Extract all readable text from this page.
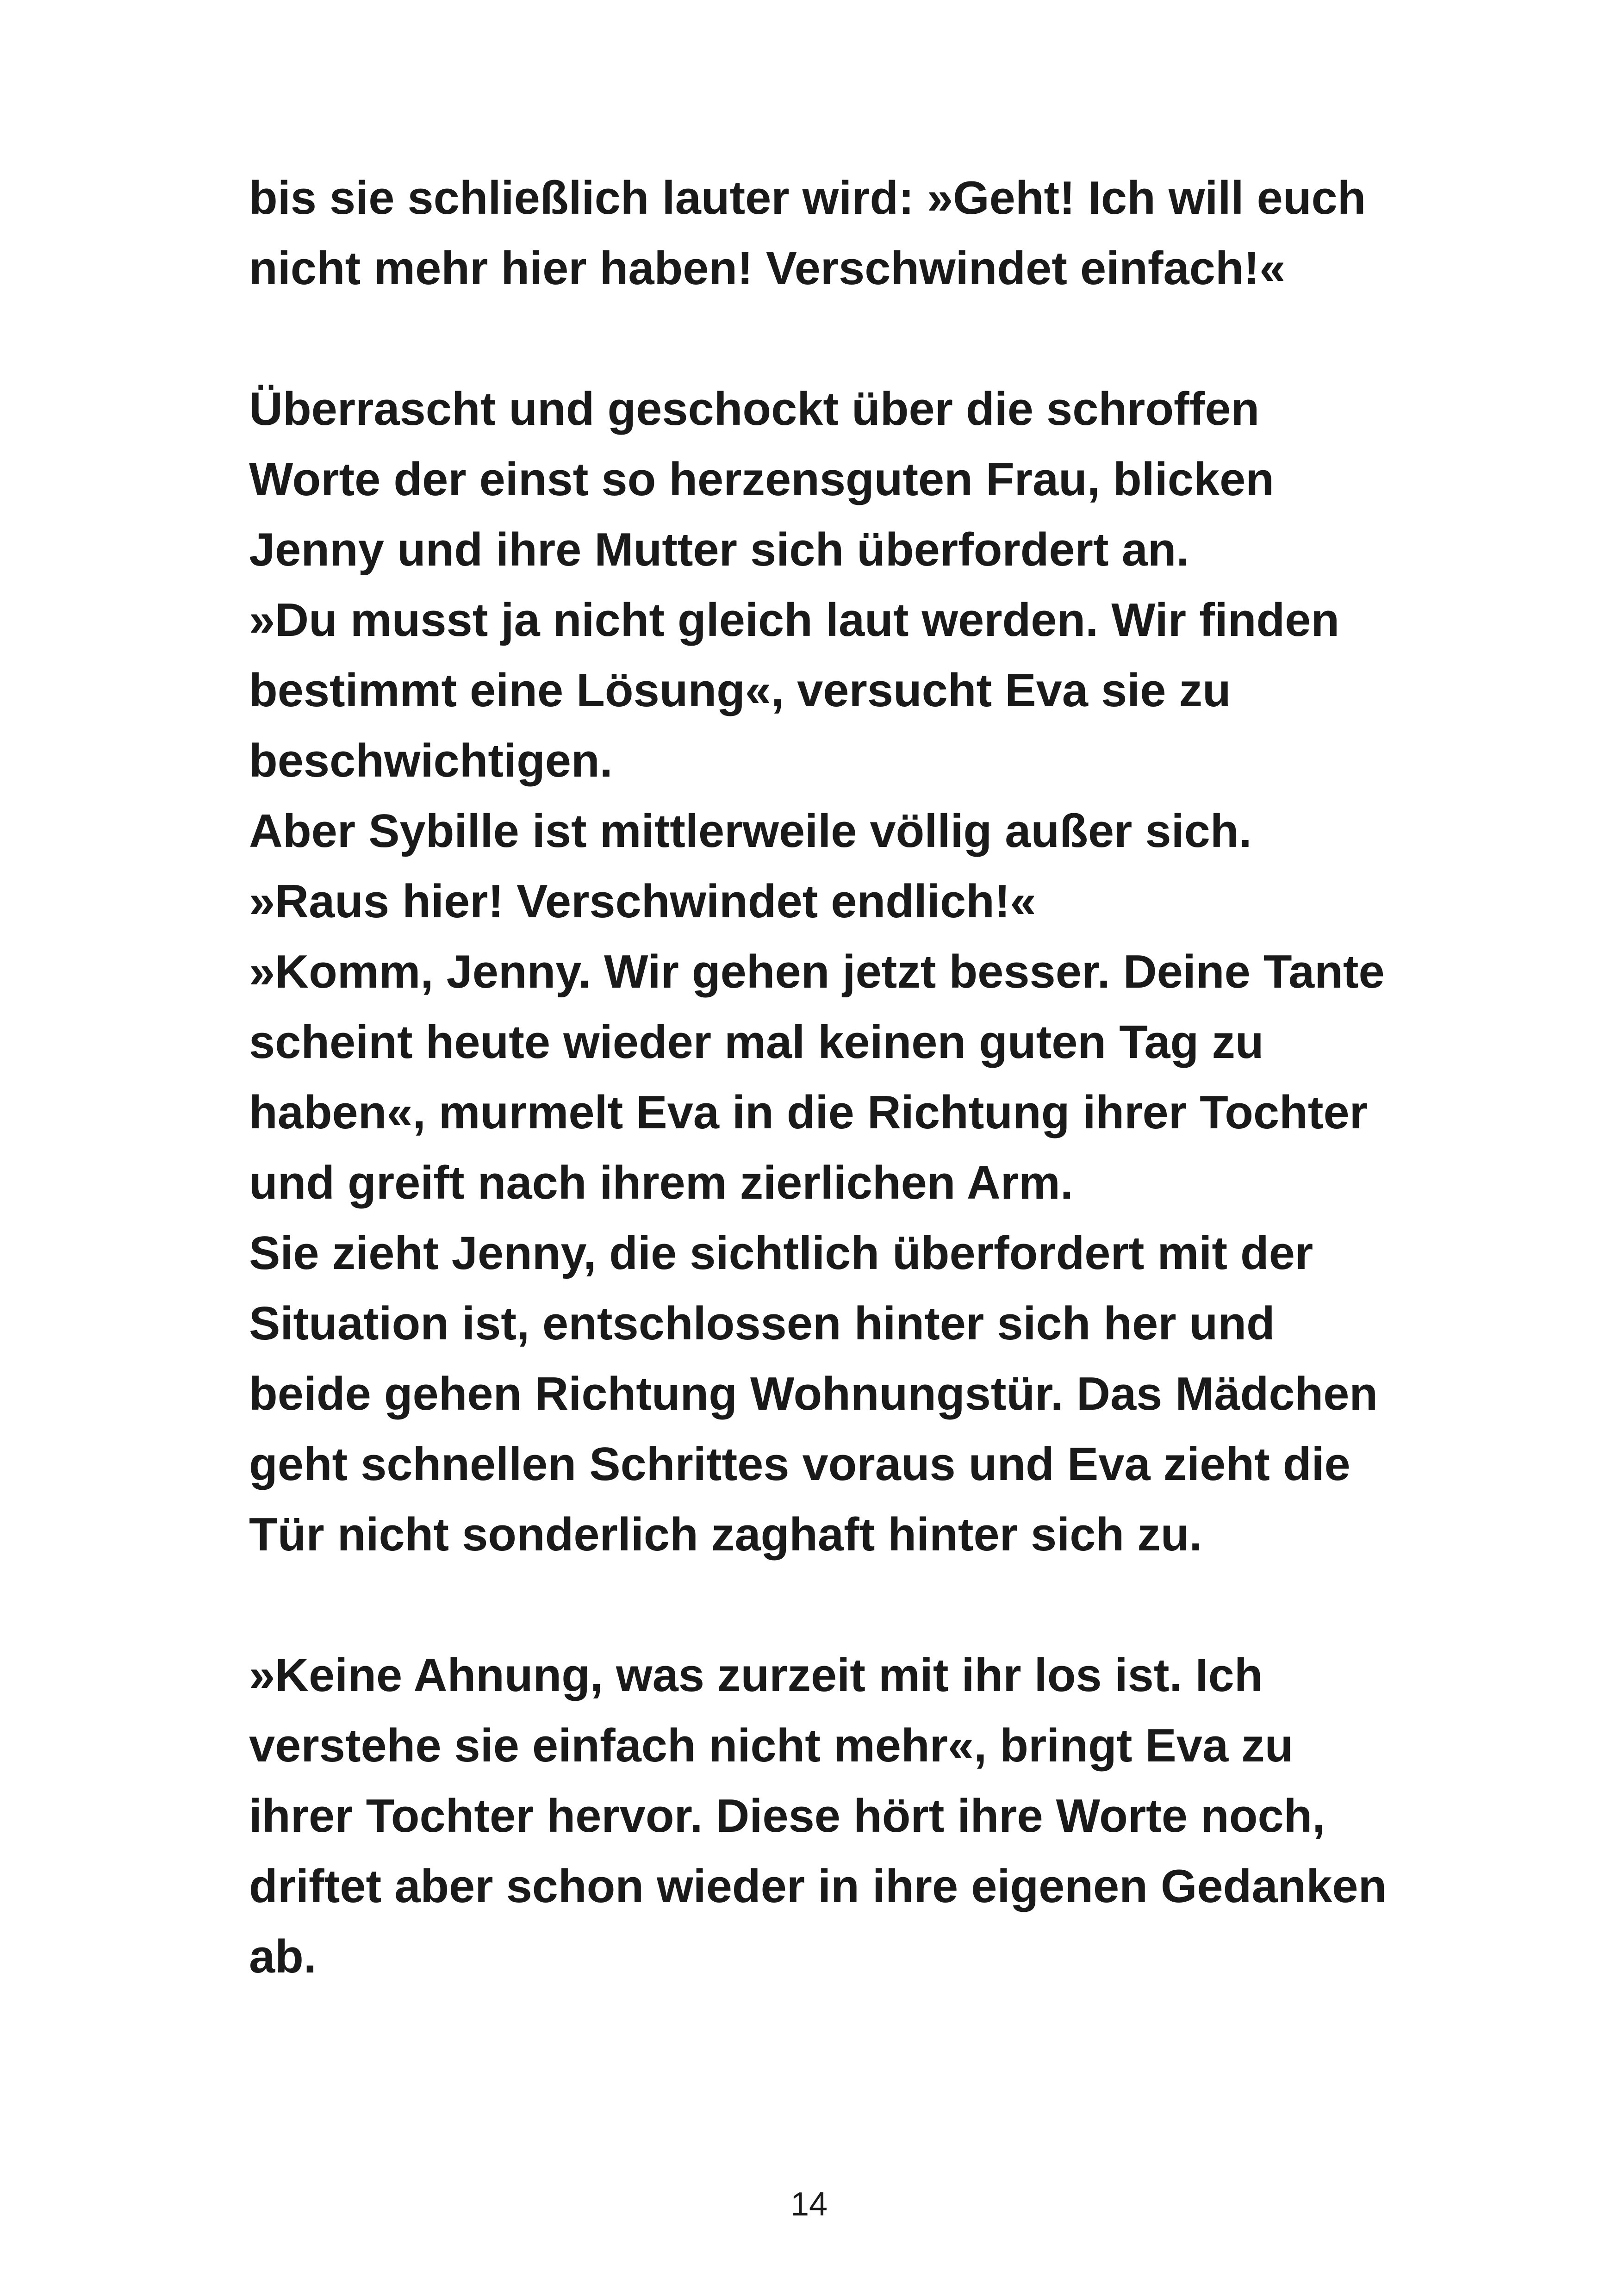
bis sie schließlich lauter wird: »Geht! Ich will euch
nicht mehr hier haben! Verschwindet einfach!«
Überrascht und geschockt über die schroffen
Worte der einst so herzensguten Frau, blicken
Jenny und ihre Mutter sich überfordert an.
»Du musst ja nicht gleich laut werden. Wir finden
bestimmt eine Lösung«, versucht Eva sie zu
beschwichtigen.
Aber Sybille ist mittlerweile völlig außer sich.
»Raus hier! Verschwindet endlich!«
»Komm, Jenny. Wir gehen jetzt besser. Deine Tante
scheint heute wieder mal keinen guten Tag zu
haben«, murmelt Eva in die Richtung ihrer Tochter
und greift nach ihrem zierlichen Arm.
Sie zieht Jenny, die sichtlich überfordert mit der
Situation ist, entschlossen hinter sich her und
beide gehen Richtung Wohnungstür. Das Mädchen
geht schnellen Schrittes voraus und Eva zieht die
Tür nicht sonderlich zaghaft hinter sich zu.
»Keine Ahnung, was zurzeit mit ihr los ist. Ich
verstehe sie einfach nicht mehr«, bringt Eva zu
ihrer Tochter hervor. Diese hört ihre Worte noch,
driftet aber schon wieder in ihre eigenen Gedanken
ab.
14
